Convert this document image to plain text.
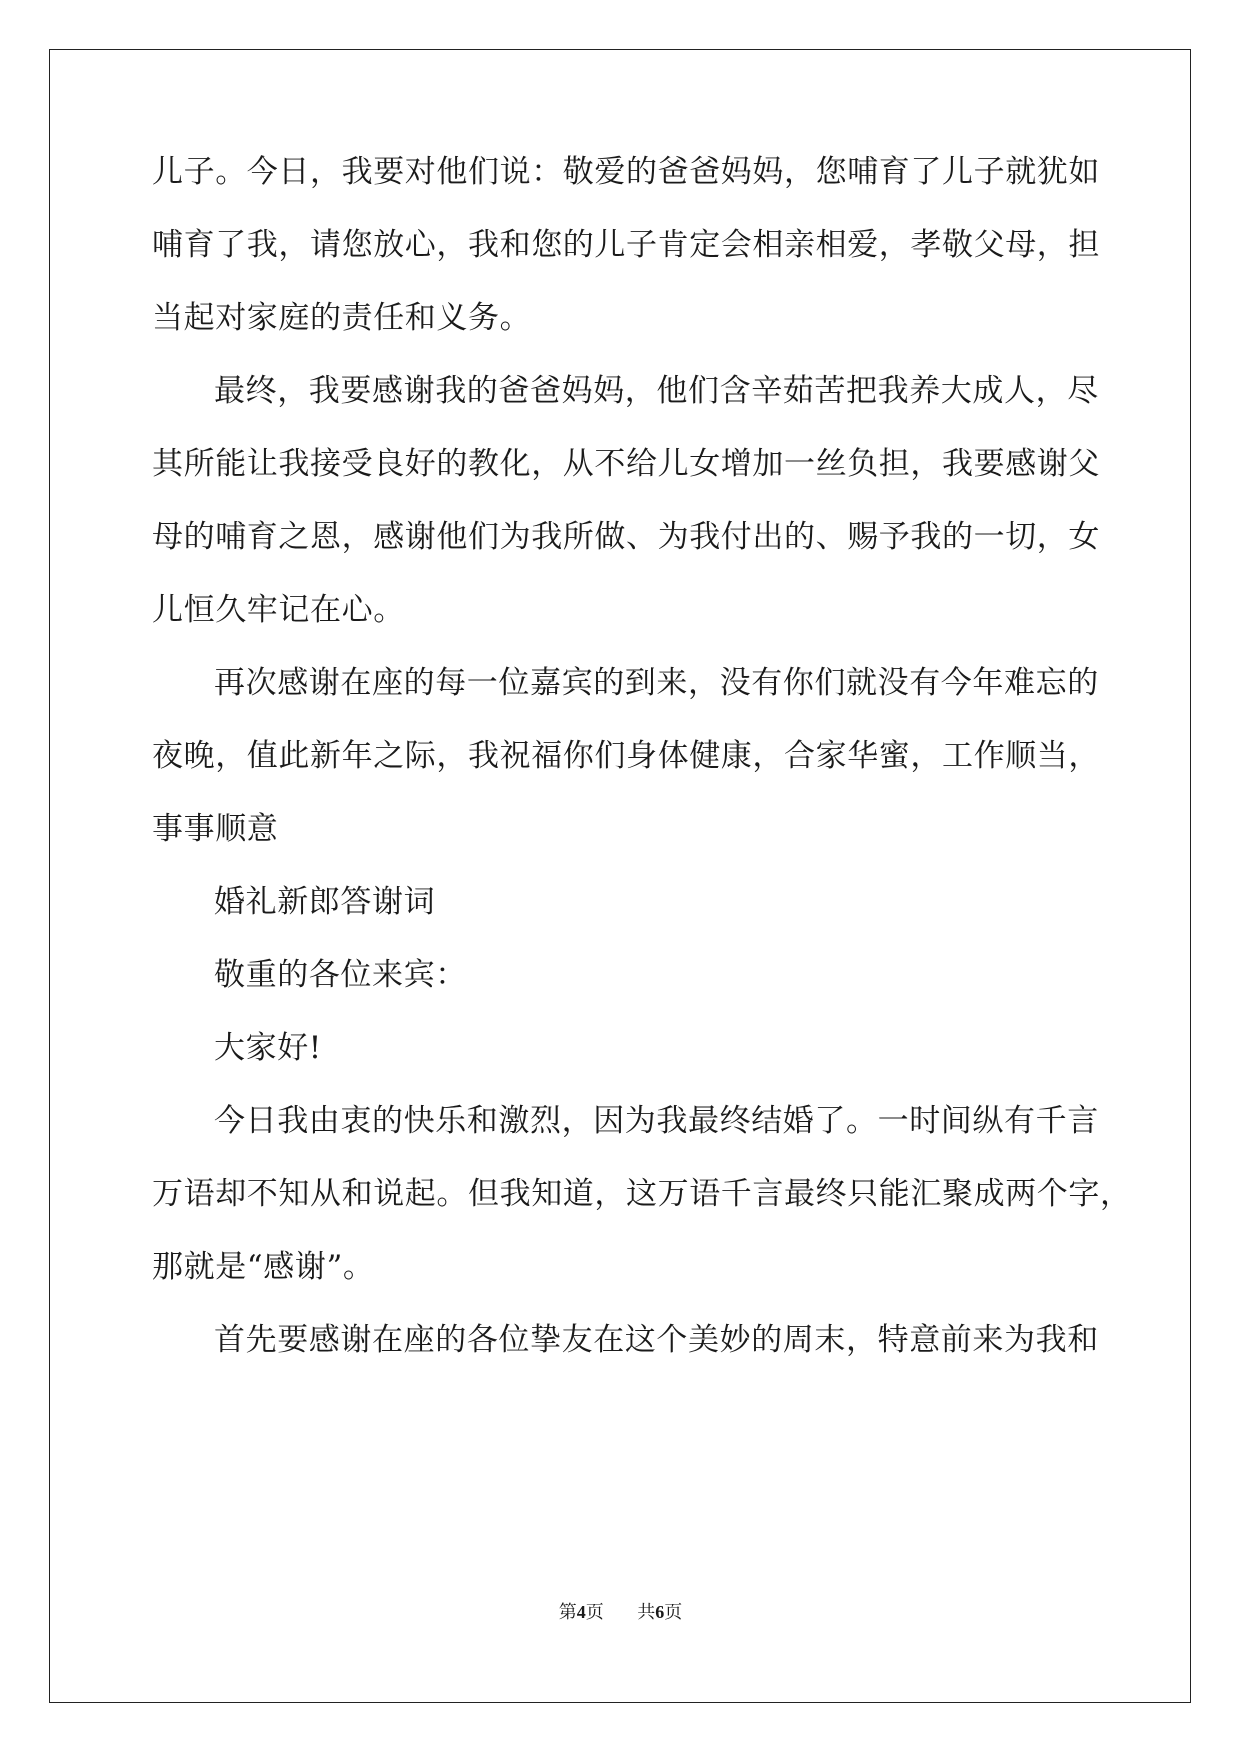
儿子。今日，我要对他们说：敬爱的爸爸妈妈，您哺育了儿子就犹如
哺育了我，请您放心，我和您的儿子肯定会相亲相爱，孝敬父母，担
当起对家庭的责任和义务。
最终，我要感谢我的爸爸妈妈，他们含辛茹苦把我养大成人，尽
其所能让我接受良好的教化，从不给儿女增加一丝负担，我要感谢父
母的哺育之恩，感谢他们为我所做、为我付出的、赐予我的一切，女
儿恒久牢记在心。
再次感谢在座的每一位嘉宾的到来，没有你们就没有今年难忘的
夜晚，值此新年之际，我祝福你们身体健康，合家华蜜，工作顺当，
事事顺意
婚礼新郎答谢词
敬重的各位来宾：
大家好!
今日我由衷的快乐和激烈，因为我最终结婚了。一时间纵有千言
万语却不知从和说起。但我知道，这万语千言最终只能汇聚成两个字，
那就是“感谢”。
首先要感谢在座的各位挚友在这个美妙的周末，特意前来为我和
第4页 共6页
